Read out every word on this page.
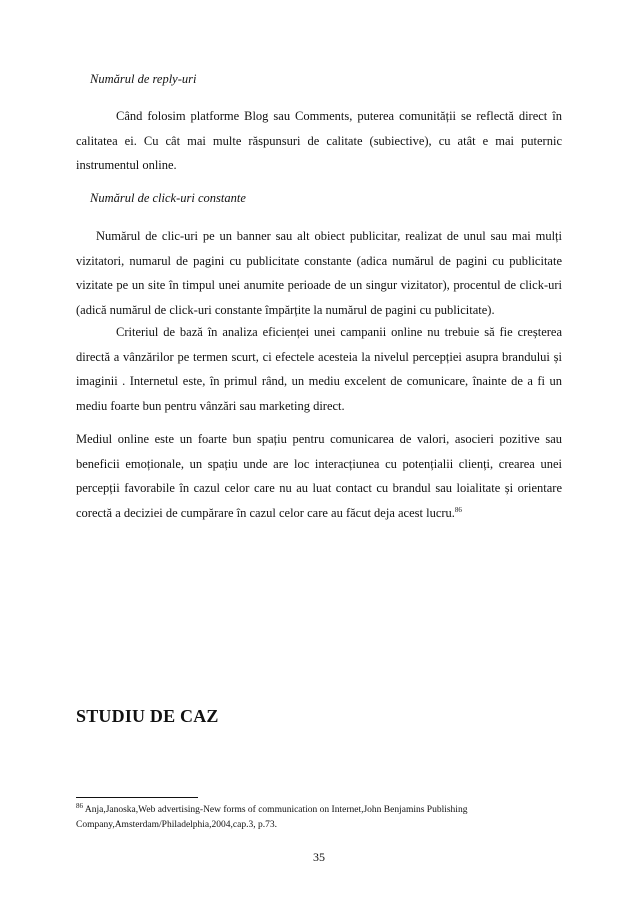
Numărul de reply-uri

Când folosim platforme Blog sau Comments, puterea comunității se reflectă direct în calitatea ei. Cu cât mai multe răspunsuri de calitate (subiective), cu atât e mai puternic instrumentul online.

Numărul de click-uri constante

Numărul de clic-uri pe un banner sau alt obiect publicitar, realizat de unul sau mai mulți vizitatori, numarul de pagini cu publicitate constante (adica numărul de pagini cu publicitate vizitate pe un site în timpul unei anumite perioade de un singur vizitator), procentul de click-uri (adică numărul de click-uri constante împărțite la numărul de pagini cu publicitate).

Criteriul de bază în analiza eficienței unei campanii online nu trebuie să fie creșterea directă a vânzărilor pe termen scurt, ci efectele acesteia la nivelul percepției asupra brandului și imaginii . Internetul este, în primul rând, un mediu excelent de comunicare, înainte de a fi un mediu foarte bun pentru vânzări sau marketing direct.

Mediul online este un foarte bun spațiu pentru comunicarea de valori, asocieri pozitive sau beneficii emoționale, un spațiu unde are loc interacțiunea cu potențialii clienți, crearea unei percepții favorabile în cazul celor care nu au luat contact cu brandul sau loialitate și orientare corectă a deciziei de cumpărare în cazul celor care au făcut deja acest lucru.$^{86}$

STUDIU DE CAZ
$^{86}$ Anja,Janoska,Web advertising-New forms of communication on Internet,John Benjamins Publishing Company,Amsterdam/Philadelphia,2004,cap.3, p.73.
35
